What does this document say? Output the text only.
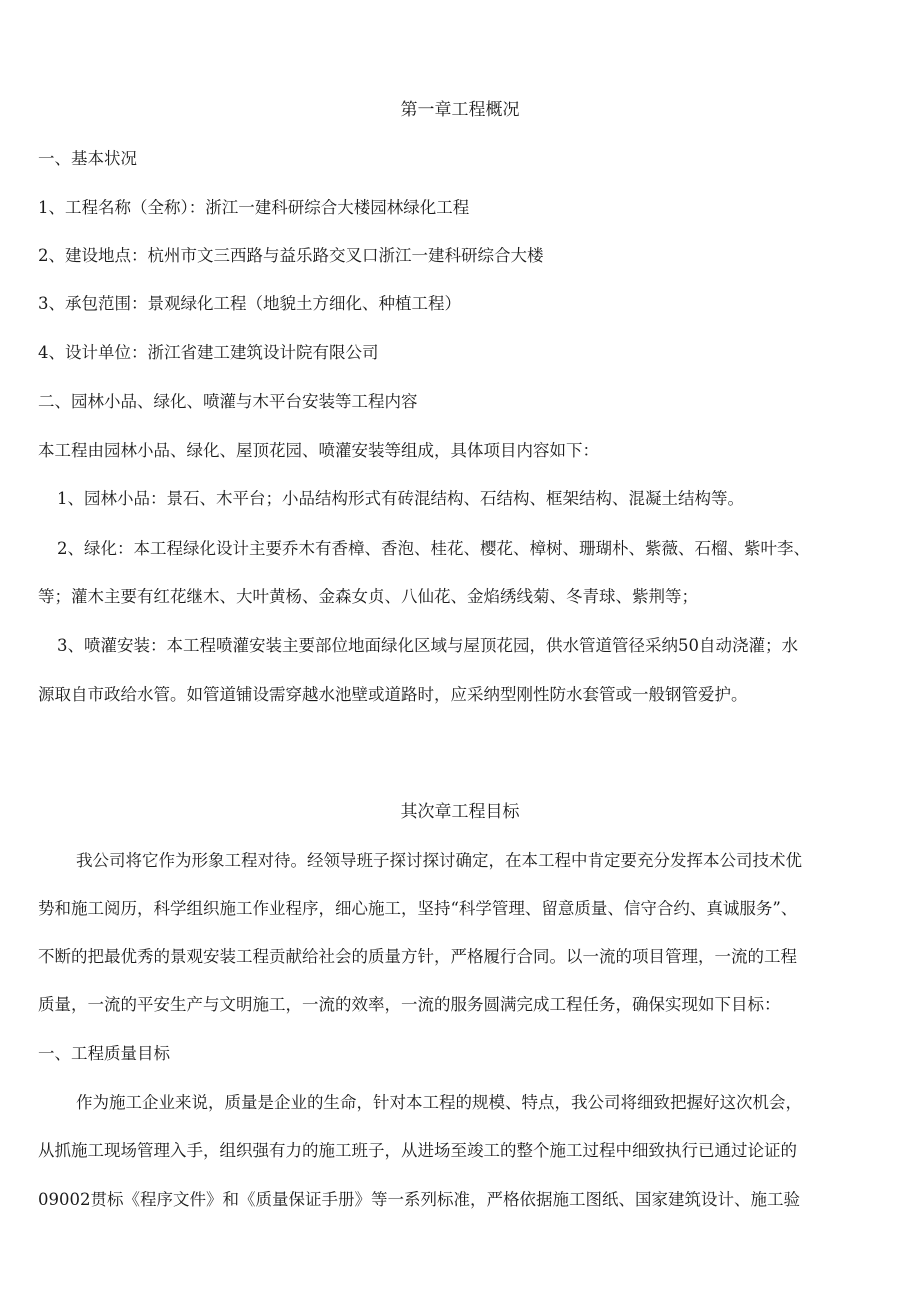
第一章工程概况
一、基本状况
1、工程名称（全称）：浙江一建科研综合大楼园林绿化工程
2、建设地点：杭州市文三西路与益乐路交叉口浙江一建科研综合大楼
3、承包范围：景观绿化工程（地貌土方细化、种植工程）
4、设计单位：浙江省建工建筑设计院有限公司
二、园林小品、绿化、喷灌与木平台安装等工程内容
本工程由园林小品、绿化、屋顶花园、喷灌安装等组成，具体项目内容如下：
1、园林小品：景石、木平台；小品结构形式有砖混结构、石结构、框架结构、混凝土结构等。
2、绿化：本工程绿化设计主要乔木有香樟、香泡、桂花、樱花、樟树、珊瑚朴、紫薇、石榴、紫叶李、
等；灌木主要有红花继木、大叶黄杨、金森女贞、八仙花、金焰绣线菊、冬青球、紫荆等；
3、喷灌安装：本工程喷灌安装主要部位地面绿化区域与屋顶花园，供水管道管径采纳50自动浇灌；水
源取自市政给水管。如管道铺设需穿越水池壁或道路时，应采纳型刚性防水套管或一般钢管爱护。
其次章工程目标
我公司将它作为形象工程对待。经领导班子探讨探讨确定，在本工程中肯定要充分发挥本公司技术优
势和施工阅历，科学组织施工作业程序，细心施工，坚持“科学管理、留意质量、信守合约、真诚服务”、
不断的把最优秀的景观安装工程贡献给社会的质量方针，严格履行合同。以一流的项目管理，一流的工程
质量，一流的平安生产与文明施工，一流的效率，一流的服务圆满完成工程任务，确保实现如下目标：
一、工程质量目标
作为施工企业来说，质量是企业的生命，针对本工程的规模、特点，我公司将细致把握好这次机会，
从抓施工现场管理入手，组织强有力的施工班子，从进场至竣工的整个施工过程中细致执行已通过论证的
09002贯标《程序文件》和《质量保证手册》等一系列标准，严格依据施工图纸、国家建筑设计、施工验
